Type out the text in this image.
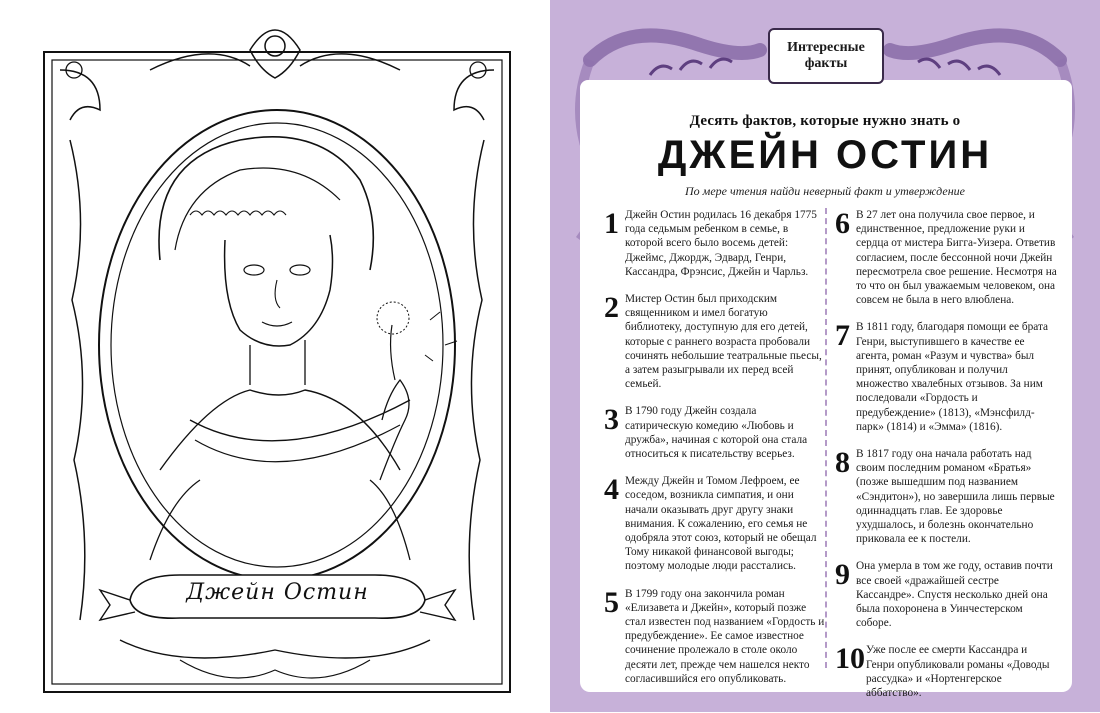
Джейн Остин
Интересные
факты
Десять фактов, которые нужно знать о
ДЖЕЙН ОСТИН
По мере чтения найди неверный факт и утверждение
1 Джейн Остин родилась 16 декабря 1775 года седьмым ребенком в семье, в которой всего было восемь детей: Джеймс, Джордж, Эдвард, Генри, Кассандра, Фрэнсис, Джейн и Чарльз.
2 Мистер Остин был приходским священником и имел богатую библиотеку, доступную для его детей, которые с раннего возраста пробовали сочинять небольшие театральные пьесы, а затем разыгрывали их перед всей семьей.
3 В 1790 году Джейн создала сатирическую комедию «Любовь и дружба», начиная с которой она стала относиться к писательству всерьез.
4 Между Джейн и Томом Лефроем, ее соседом, возникла симпатия, и они начали оказывать друг другу знаки внимания. К сожалению, его семья не одобряла этот союз, который не обещал Тому никакой финансовой выгоды; поэтому молодые люди расстались.
5 В 1799 году она закончила роман «Елизавета и Джейн», который позже стал известен под названием «Гордость и предубеждение». Ее самое известное сочинение пролежало в столе около десяти лет, прежде чем нашелся некто согласившийся его опубликовать.
6 В 27 лет она получила свое первое, и единственное, предложение руки и сердца от мистера Бигга-Уизера. Ответив согласием, после бессонной ночи Джейн пересмотрела свое решение. Несмотря на то что он был уважаемым человеком, она совсем не была в него влюблена.
7 В 1811 году, благодаря помощи ее брата Генри, выступившего в качестве ее агента, роман «Разум и чувства» был принят, опубликован и получил множество хвалебных отзывов. За ним последовали «Гордость и предубеждение» (1813), «Мэнсфилд-парк» (1814) и «Эмма» (1816).
8 В 1817 году она начала работать над своим последним романом «Братья» (позже вышедшим под названием «Сэндитон»), но завершила лишь первые одиннадцать глав. Ее здоровье ухудшалось, и болезнь окончательно приковала ее к постели.
9 Она умерла в том же году, оставив почти все своей «дражайшей сестре Кассандре». Спустя несколько дней она была похоронена в Уинчестерском соборе.
10 Уже после ее смерти Кассандра и Генри опубликовали романы «Доводы рассудка» и «Нортенгерское аббатство».
